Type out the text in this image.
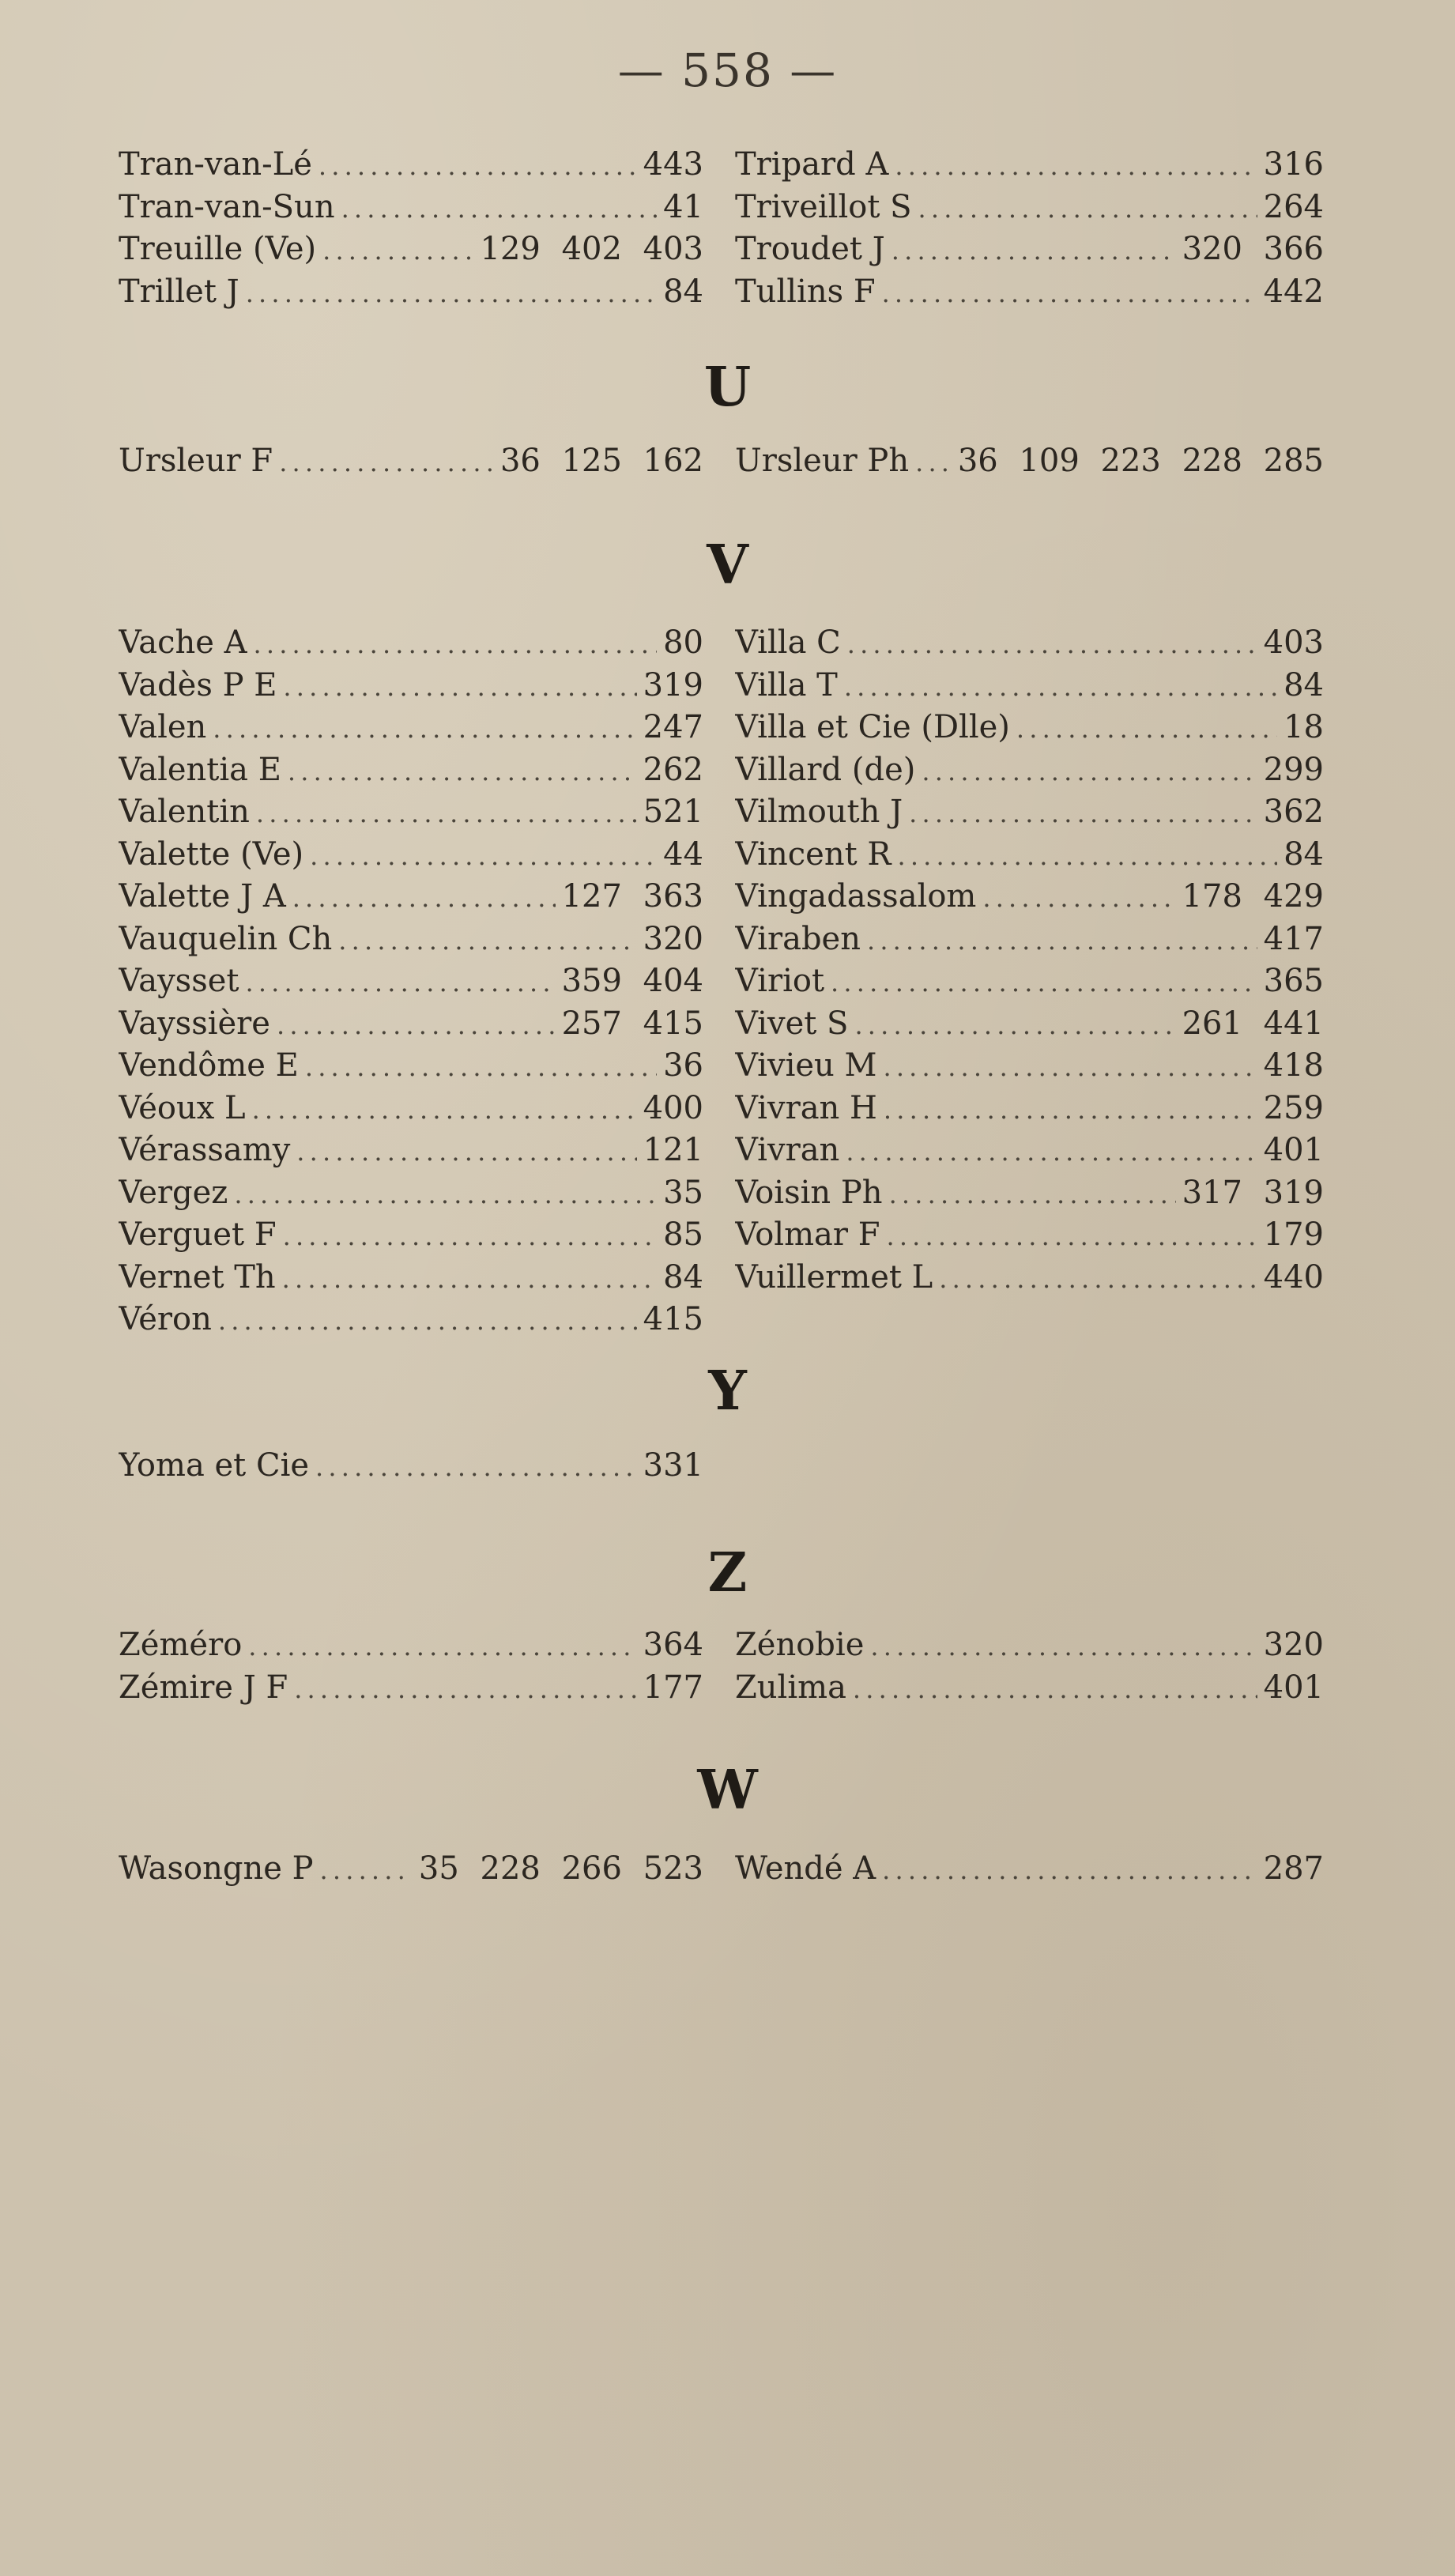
— 558 —
Tran-van-Lé . . .	443
Tran-van-Sun . . .	41
Treuille (Ve) . . .	129 402 403
Trillet J . . .	84
Tripard A . . .	316
Triveillot S . . .	264
Troudet J . . .	320 366
Tullins F . . .	442
U
Ursleur F . . .	36 125 162 Ursleur Ph . . . 36 109 223 228 285
V
Vache A . . .	80
Vadès P E . . .	319
Valen . . .	247
Valentia E . . .	262
Valentin . . .	521
Valette (Ve) . . .	44
Valette J A . . .	127 363
Vauquelin Ch . . .	320
Vaysset . . .	359 404
Vayssière . . .	257 415
Vendôme E . . .	36
Véoux L . . .	400
Vérassamy . . .	121
Vergez . . .	35
Verguet F . . .	85
Vernet Th . . .	84
Véron . . .	415
Villa C . . .	403
Villa T . . .	84
Villa et Cie (Dlle) . . .	18
Villard (de) . . .	299
Vilmouth J . . .	362
Vincent R . . .	84
Vingadassalom . . .	178 429
Viraben . . .	417
Viriot . . .	365
Vivet S . . .	261 441
Vivieu M . . .	418
Vivran H . . .	259
Vivran . . .	401
Voisin Ph . . .	317 319
Volmar F . . .	179
Vuillermet L . . .	440
Y
Yoma et Cie . . .	331
Z
Zéméro . . .	364
Zémire J F . . .	177
Zénobie . . .	320
Zulima . . .	401
W
Wasongne P . . .	35 228 266 523 Wendé A . . .	287
